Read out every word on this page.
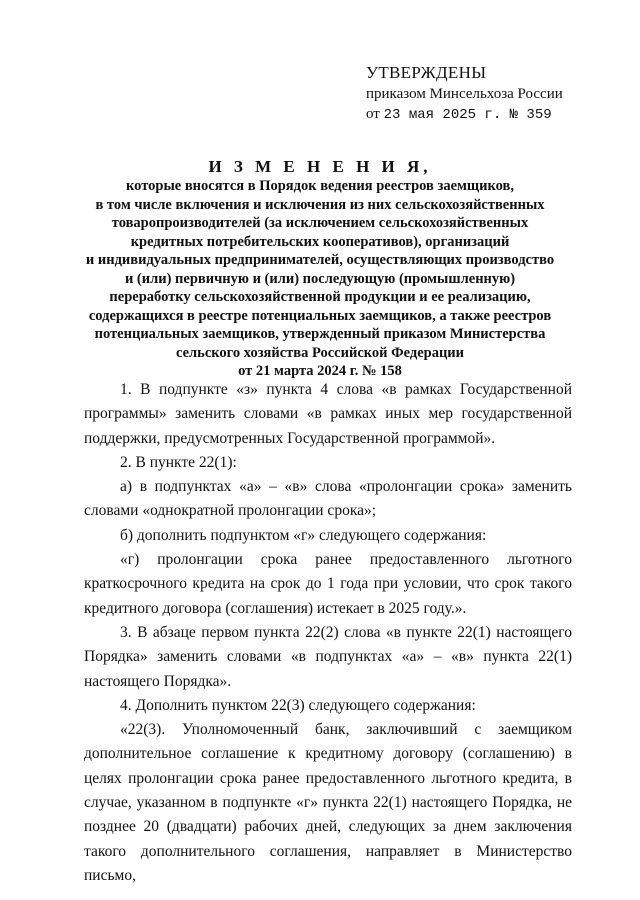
УТВЕРЖДЕНЫ
приказом Минсельхоза России
от 23 мая 2025 г. № 359
И З М Е Н Е Н И Я,
которые вносятся в Порядок ведения реестров заемщиков,
в том числе включения и исключения из них сельскохозяйственных
товаропроизводителей (за исключением сельскохозяйственных
кредитных потребительских кооперативов), организаций
и индивидуальных предпринимателей, осуществляющих производство
и (или) первичную и (или) последующую (промышленную)
переработку сельскохозяйственной продукции и ее реализацию,
содержащихся в реестре потенциальных заемщиков, а также реестров
потенциальных заемщиков, утвержденный приказом Министерства
сельского хозяйства Российской Федерации
от 21 марта 2024 г. № 158

1. В подпункте «з» пункта 4 слова «в рамках Государственной программы» заменить словами «в рамках иных мер государственной поддержки, предусмотренных Государственной программой».

2. В пункте 22(1):

а) в подпунктах «а» – «в» слова «пролонгации срока» заменить словами «однократной пролонгации срока»;

б) дополнить подпунктом «г» следующего содержания:

«г) пролонгации срока ранее предоставленного льготного краткосрочного кредита на срок до 1 года при условии, что срок такого кредитного договора (соглашения) истекает в 2025 году.».

3. В абзаце первом пункта 22(2) слова «в пункте 22(1) настоящего Порядка» заменить словами «в подпунктах «а» – «в» пункта 22(1) настоящего Порядка».

4. Дополнить пунктом 22(3) следующего содержания:

«22(3). Уполномоченный банк, заключивший с заемщиком дополнительное соглашение к кредитному договору (соглашению) в целях пролонгации срока ранее предоставленного льготного кредита, в случае, указанном в подпункте «г» пункта 22(1) настоящего Порядка, не позднее 20 (двадцати) рабочих дней, следующих за днем заключения такого дополнительного соглашения, направляет в Министерство письмо,
